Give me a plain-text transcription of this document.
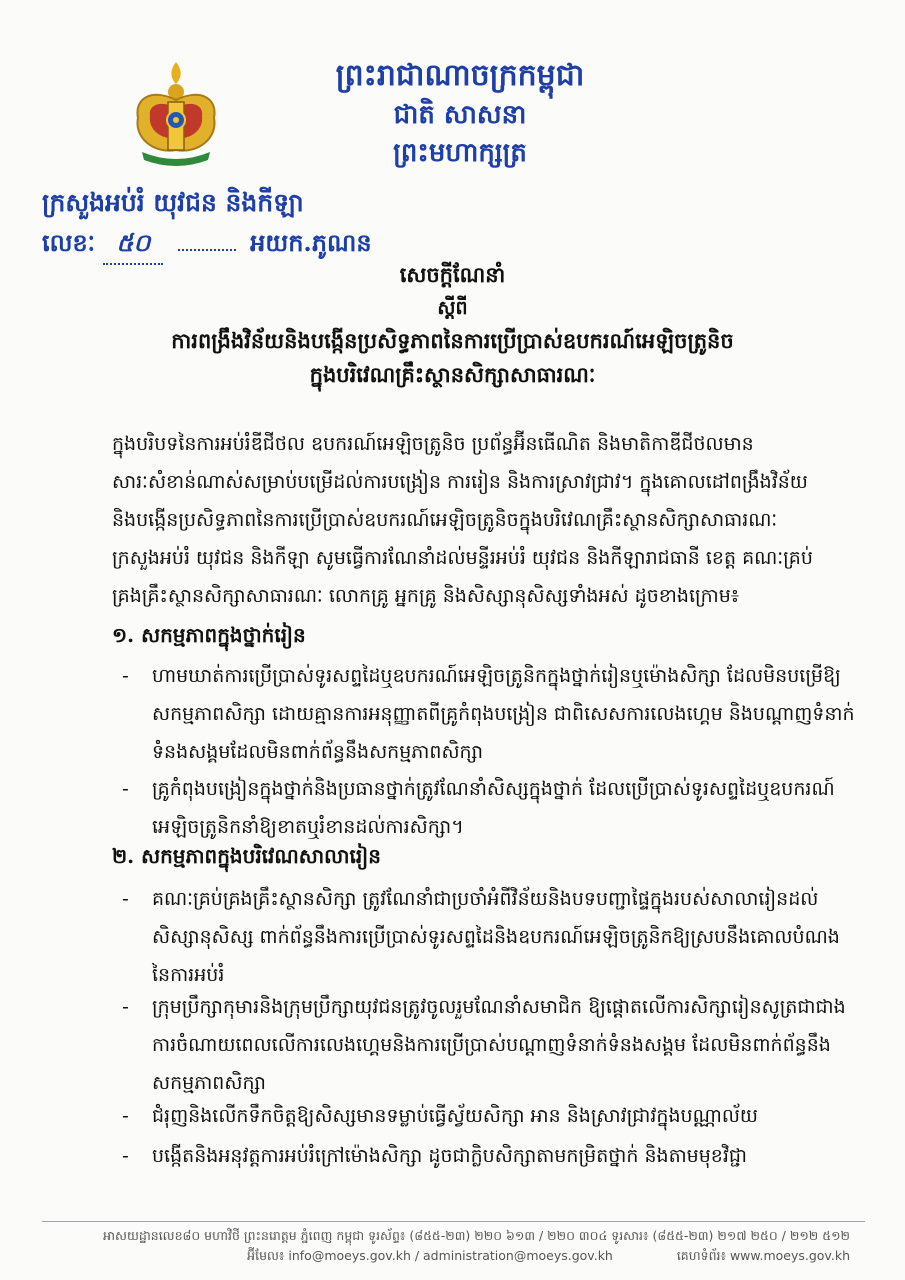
ព្រះរាជាណាចក្រកម្ពុជា
ជាតិ សាសនា ព្រះមហាក្សត្រ
ក្រសួងអប់រំ យុវជន និងកីឡា
លេខៈ ៥០	អយក.ភូណន
សេចក្តីណែនាំ
ស្តីពី
ការពង្រឹងវិន័យនិងបង្កើនប្រសិទ្ធភាពនៃការប្រើប្រាស់ឧបករណ៍អេឡិចត្រូនិច
ក្នុងបរិវេណគ្រឹះស្ថានសិក្សាសាធារណៈ
ក្នុងបរិបទនៃការអប់រំឌីជីថល ឧបករណ៍អេឡិចត្រូនិច ប្រព័ន្ធអ៊ីនធើណិត និងមាតិកាឌីជីថលមានសារៈសំខាន់ណាស់សម្រាប់បម្រើដល់ការបង្រៀន ការរៀន និងការស្រាវជ្រាវ។ ក្នុងគោលដៅពង្រឹងវិន័យ និងបង្កើនប្រសិទ្ធភាពនៃការប្រើប្រាស់ឧបករណ៍អេឡិចត្រូនិចក្នុងបរិវេណគ្រឹះស្ថានសិក្សាសាធារណៈ ក្រសួងអប់រំ យុវជន និងកីឡា សូមធ្វើការណែនាំដល់មន្ទីរអប់រំ យុវជន និងកីឡារាជធានី ខេត្ត គណៈគ្រប់គ្រងគ្រឹះស្ថានសិក្សាសាធារណៈ លោកគ្រូ អ្នកគ្រូ និងសិស្សានុសិស្សទាំងអស់ ដូចខាងក្រោម៖
១. សកម្មភាពក្នុងថ្នាក់រៀន
- ហាមឃាត់ការប្រើប្រាស់ទូរសព្ទដៃឬឧបករណ៍អេឡិចត្រូនិកក្នុងថ្នាក់រៀនឬម៉ោងសិក្សា ដែលមិនបម្រើឱ្យសកម្មភាពសិក្សា ដោយគ្មានការអនុញ្ញាតពីគ្រូកំពុងបង្រៀន ជាពិសេសការលេងហ្គេម និងបណ្តាញទំនាក់ទំនងសង្គមដែលមិនពាក់ព័ន្ធនឹងសកម្មភាពសិក្សា
- គ្រូកំពុងបង្រៀនក្នុងថ្នាក់និងប្រធានថ្នាក់ត្រូវណែនាំសិស្សក្នុងថ្នាក់ ដែលប្រើប្រាស់ទូរសព្ទដៃឬឧបករណ៍អេឡិចត្រូនិកនាំឱ្យខាតឬរំខានដល់ការសិក្សា។
២. សកម្មភាពក្នុងបរិវេណសាលារៀន
- គណៈគ្រប់គ្រងគ្រឹះស្ថានសិក្សា ត្រូវណែនាំជាប្រចាំអំពីវិន័យនិងបទបញ្ជាផ្ទៃក្នុងរបស់សាលារៀនដល់សិស្សានុសិស្ស ពាក់ព័ន្ធនឹងការប្រើប្រាស់ទូរសព្ទដៃនិងឧបករណ៍អេឡិចត្រូនិកឱ្យស្របនឹងគោលបំណងនៃការអប់រំ
- ក្រុមប្រឹក្សាកុមារនិងក្រុមប្រឹក្សាយុវជនត្រូវចូលរួមណែនាំសមាជិក ឱ្យផ្តោតលើការសិក្សារៀនសូត្រជាជាងការចំណាយពេលលើការលេងហ្គេមនិងការប្រើប្រាស់បណ្តាញទំនាក់ទំនងសង្គម ដែលមិនពាក់ព័ន្ធនឹងសកម្មភាពសិក្សា
- ជំរុញនិងលើកទឹកចិត្តឱ្យសិស្សមានទម្លាប់ធ្វើស្វ័យសិក្សា អាន និងស្រាវជ្រាវក្នុងបណ្ណាល័យ
- បង្កើតនិងអនុវត្តការអប់រំក្រៅម៉ោងសិក្សា ដូចជាក្លិបសិក្សាតាមកម្រិតថ្នាក់ និងតាមមុខវិជ្ជា
អាសយដ្ឋានលេខ៨០ មហាវិថី ព្រះនរោត្តម ភ្នំពេញ កម្ពុជា ទូរស័ព្ទ៖ (៨៥៥-២៣) ២២០ ៦១៣ / ២២០ ៣០៤ ទូរសារ៖ (៨៥៥-២៣) ២១៧ ២៥០ / ២១២ ៥១២
អ៊ីមែល៖ info@moeys.gov.kh / administration@moeys.gov.kh	គេហទំព័រ៖ www.moeys.gov.kh
